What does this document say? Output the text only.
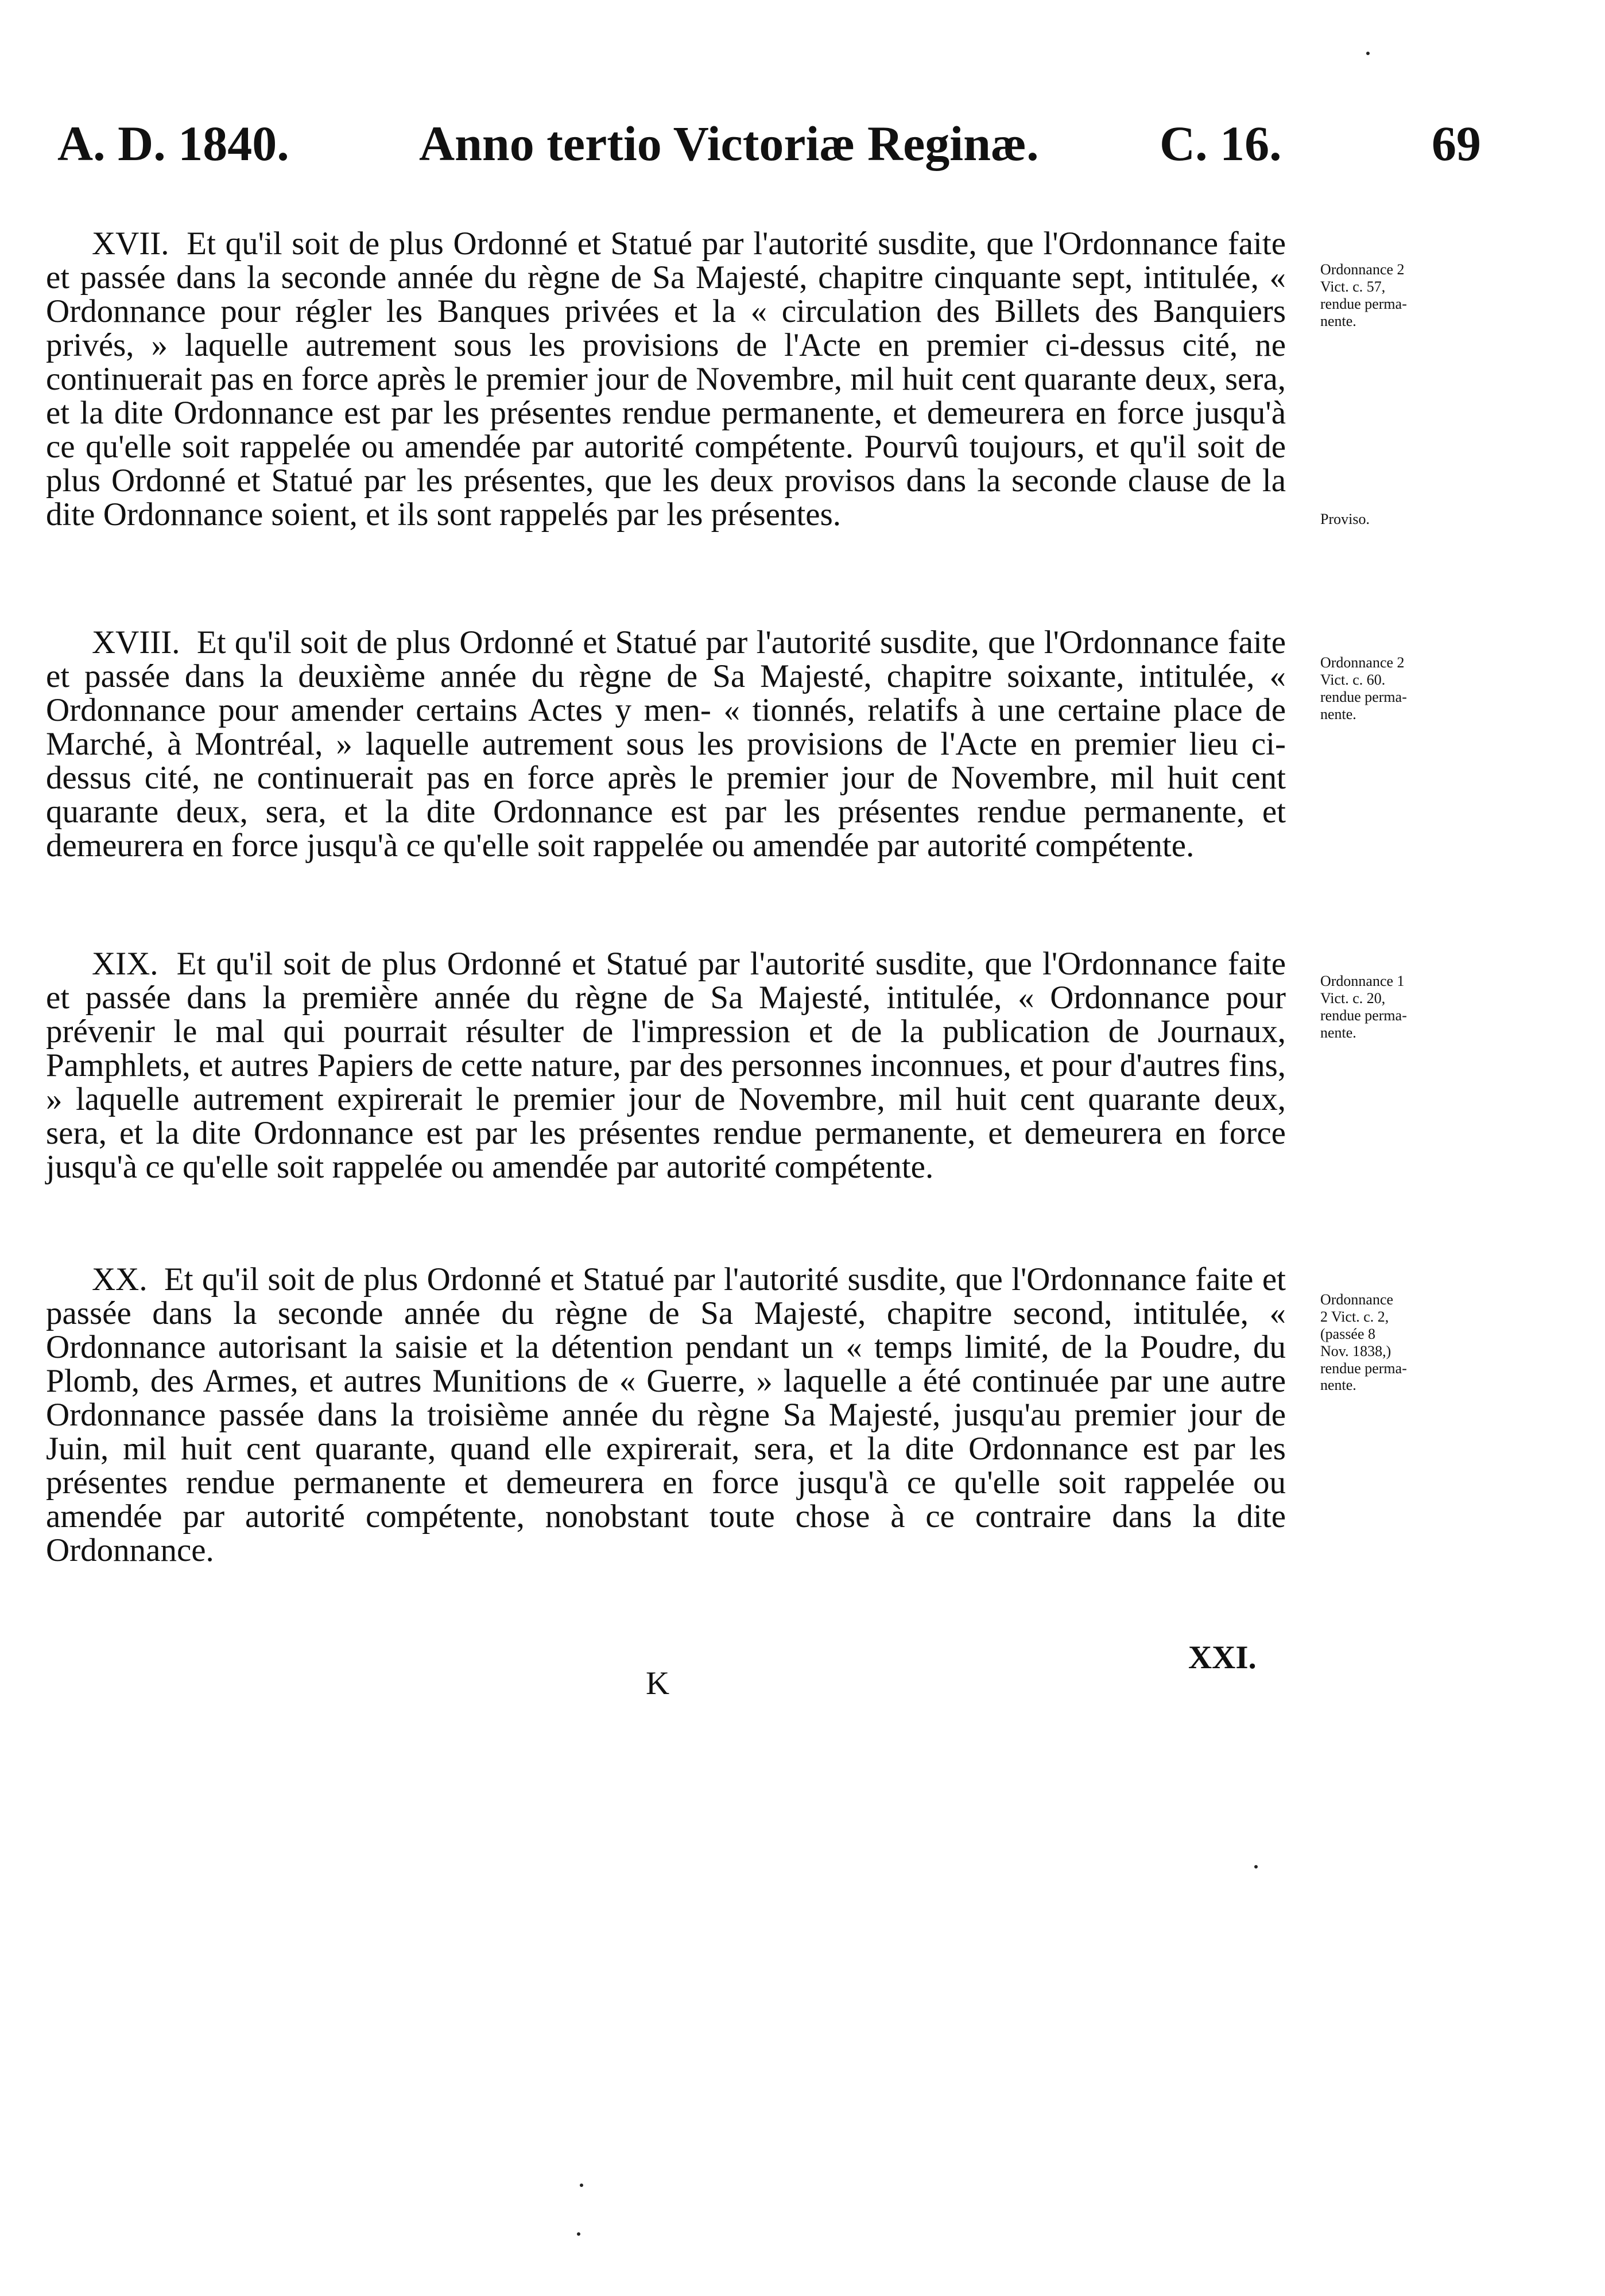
A. D. 1840.	Anno tertio Victoriæ Reginæ. C. 16.	69

XVII. Et qu'il soit de plus Ordonné et Statué par l'autorité susdite, que l'Ordonnance faite et passée dans la seconde année du règne de Sa Majesté, chapitre cinquante sept, intitulée, « Ordonnance pour régler les Banques privées et la « circulation des Billets des Banquiers privés, » laquelle autrement sous les provisions de l'Acte en premier ci-dessus cité, ne continuerait pas en force après le premier jour de Novembre, mil huit cent quarante deux, sera, et la dite Ordonnance est par les présentes rendue permanente, et demeurera en force jusqu'à ce qu'elle soit rappelée ou amendée par autorité compétente. Pourvû toujours, et qu'il soit de plus Ordonné et Statué par les présentes, que les deux provisos dans la seconde clause de la dite Ordonnance soient, et ils sont rappelés par les présentes.

Ordonnance 2
Vict. c. 57,
rendue perma-
nente.
Proviso.

XVIII. Et qu'il soit de plus Ordonné et Statué par l'autorité susdite, que l'Ordonnance faite et passée dans la deuxième année du règne de Sa Majesté, chapitre soixante, intitulée, « Ordonnance pour amender certains Actes y men- « tionnés, relatifs à une certaine place de Marché, à Montréal, » laquelle autrement sous les provisions de l'Acte en premier lieu ci-dessus cité, ne continuerait pas en force après le premier jour de Novembre, mil huit cent quarante deux, sera, et la dite Ordonnance est par les présentes rendue permanente, et demeurera en force jusqu'à ce qu'elle soit rappelée ou amendée par autorité compétente.

Ordonnance 2
Vict. c. 60.
rendue perma-
nente.

XIX. Et qu'il soit de plus Ordonné et Statué par l'autorité susdite, que l'Ordonnance faite et passée dans la première année du règne de Sa Majesté, intitulée, « Ordonnance pour prévenir le mal qui pourrait résulter de l'impression et de la publication de Journaux, Pamphlets, et autres Papiers de cette nature, par des personnes inconnues, et pour d'autres fins, » laquelle autrement expirerait le premier jour de Novembre, mil huit cent quarante deux, sera, et la dite Ordonnance est par les présentes rendue permanente, et demeurera en force jusqu'à ce qu'elle soit rappelée ou amendée par autorité compétente.

Ordonnance 1
Vict. c. 20,
rendue perma-
nente.

XX. Et qu'il soit de plus Ordonné et Statué par l'autorité susdite, que l'Ordonnance faite et passée dans la seconde année du règne de Sa Majesté, chapitre second, intitulée, « Ordonnance autorisant la saisie et la détention pendant un « temps limité, de la Poudre, du Plomb, des Armes, et autres Munitions de « Guerre, » laquelle a été continuée par une autre Ordonnance passée dans la troisième année du règne Sa Majesté, jusqu'au premier jour de Juin, mil huit cent quarante, quand elle expirerait, sera, et la dite Ordonnance est par les présentes rendue permanente et demeurera en force jusqu'à ce qu'elle soit rappelée ou amendée par autorité compétente, nonobstant toute chose à ce contraire dans la dite Ordonnance.

Ordonnance
2 Vict. c. 2,
(passée 8
Nov. 1838,)
rendue perma-
nente.
XXI.
K
